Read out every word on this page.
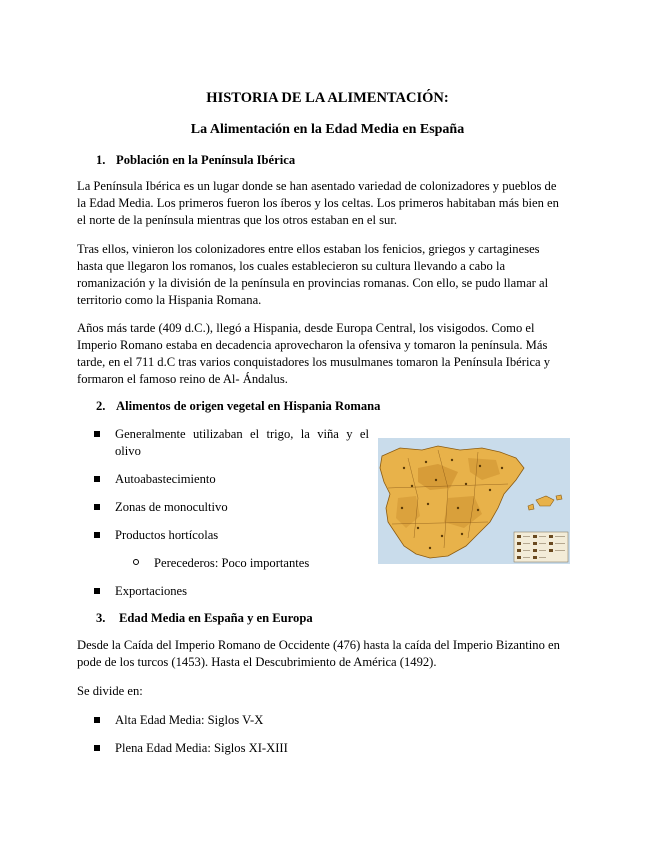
HISTORIA DE LA ALIMENTACIÓN:
La Alimentación en la Edad Media en España
1. Población en la Península Ibérica
La Península Ibérica es un lugar donde se han asentado variedad de colonizadores y pueblos de
la Edad Media. Los primeros fueron los íberos y los celtas. Los primeros habitaban más bien en
el norte de la península mientras que los otros estaban en el sur.
Tras ellos, vinieron los colonizadores entre ellos estaban los fenicios, griegos y cartagineses
hasta que llegaron los romanos, los cuales establecieron su cultura llevando a cabo la
romanización y la división de la península en provincias romanas. Con ello, se pudo llamar al
territorio como la Hispania Romana.
Años más tarde (409 d.C.), llegó a Hispania, desde Europa Central, los visigodos. Como el
Imperio Romano estaba en decadencia aprovecharon la ofensiva y tomaron la península. Más
tarde, en el 711 d.C tras varios conquistadores los musulmanes tomaron la Península Ibérica y
formaron el famoso reino de Al- Ándalus.
2. Alimentos de origen vegetal en Hispania Romana
Generalmente utilizaban el trigo, la viña y el
olivo
Autoabastecimiento
Zonas de monocultivo
Productos hortícolas
Perecederos: Poco importantes
Exportaciones
3. Edad Media en España y en Europa
Desde la Caída del Imperio Romano de Occidente (476) hasta la caída del Imperio Bizantino en
pode de los turcos (1453). Hasta el Descubrimiento de América (1492).
Se divide en:
Alta Edad Media: Siglos V-X
Plena Edad Media: Siglos XI-XIII
